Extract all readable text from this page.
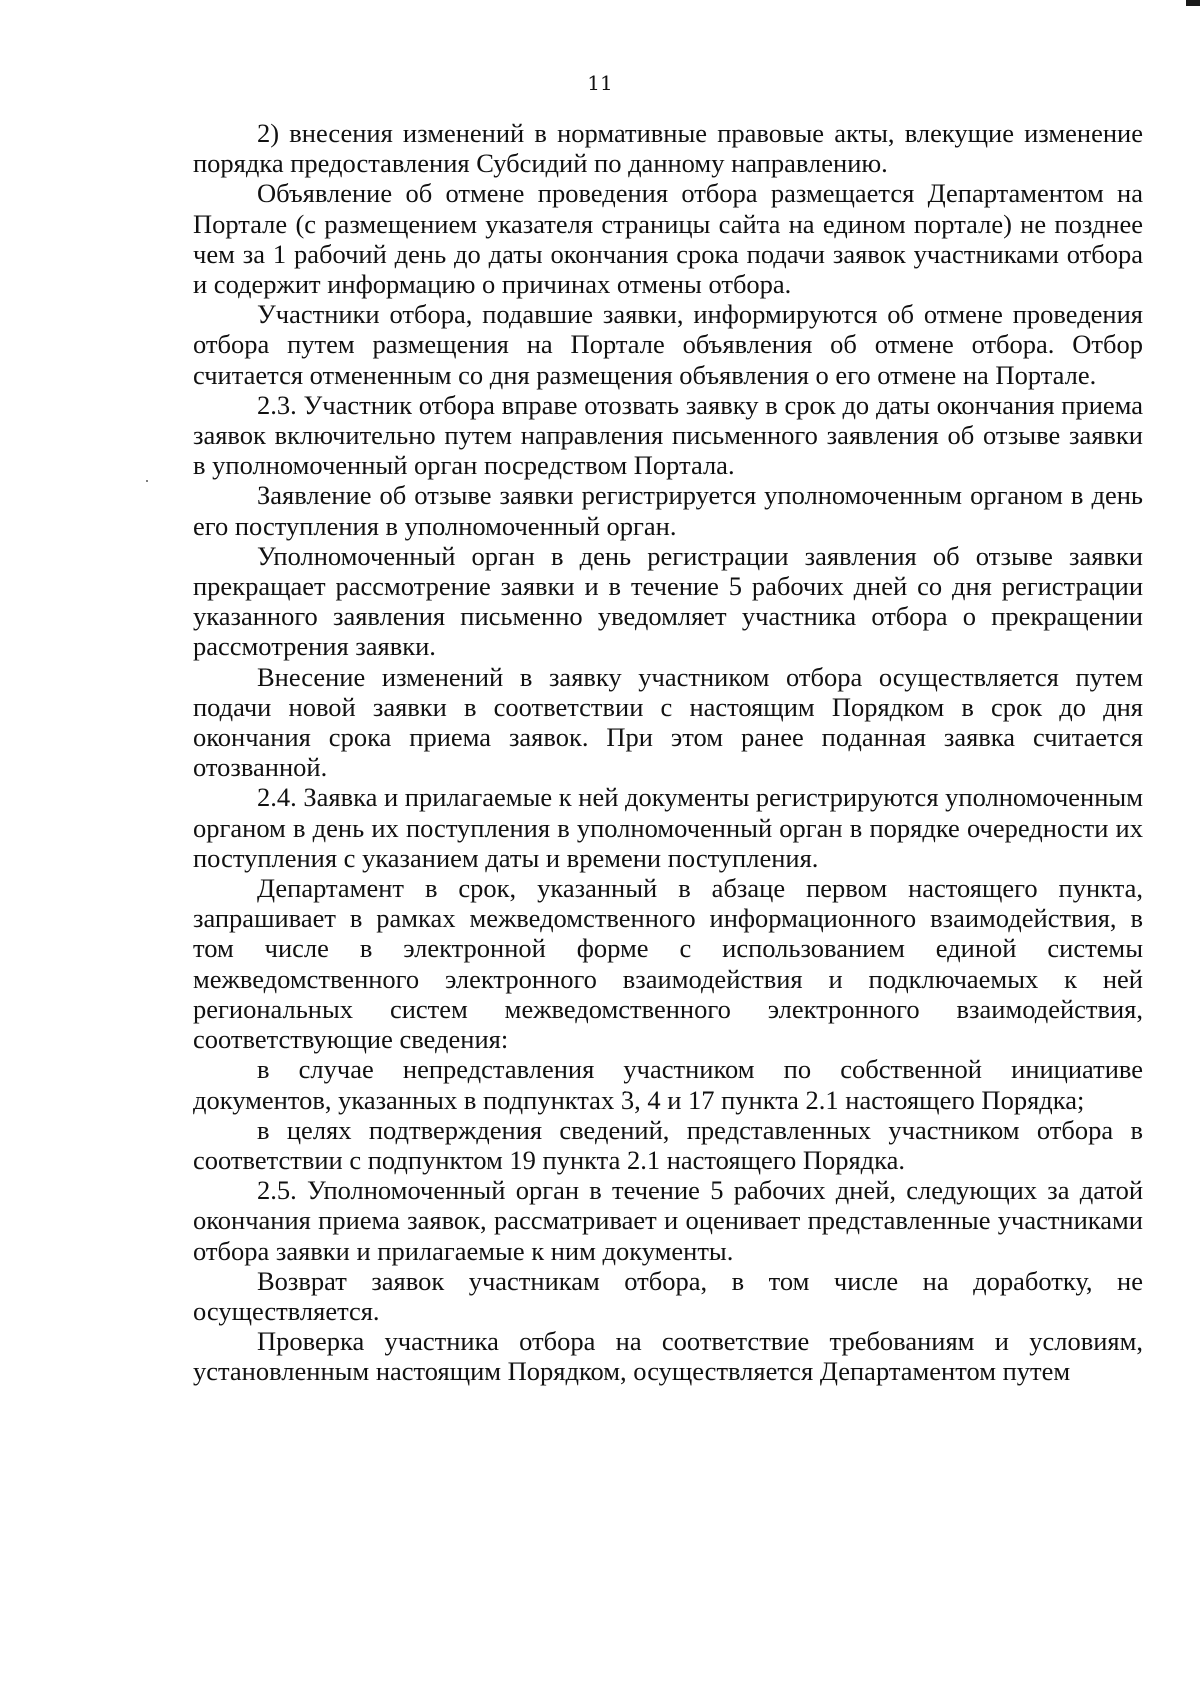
11

2) внесения изменений в нормативные правовые акты, влекущие изменение порядка предоставления Субсидий по данному направлению.

Объявление об отмене проведения отбора размещается Департаментом на Портале (с размещением указателя страницы сайта на едином портале) не позднее чем за 1 рабочий день до даты окончания срока подачи заявок участниками отбора и содержит информацию о причинах отмены отбора.

Участники отбора, подавшие заявки, информируются об отмене проведения отбора путем размещения на Портале объявления об отмене отбора. Отбор считается отмененным со дня размещения объявления о его отмене на Портале.

2.3. Участник отбора вправе отозвать заявку в срок до даты окончания приема заявок включительно путем направления письменного заявления об отзыве заявки в уполномоченный орган посредством Портала.

Заявление об отзыве заявки регистрируется уполномоченным органом в день его поступления в уполномоченный орган.

Уполномоченный орган в день регистрации заявления об отзыве заявки прекращает рассмотрение заявки и в течение 5 рабочих дней со дня регистрации указанного заявления письменно уведомляет участника отбора о прекращении рассмотрения заявки.

Внесение изменений в заявку участником отбора осуществляется путем подачи новой заявки в соответствии с настоящим Порядком в срок до дня окончания срока приема заявок. При этом ранее поданная заявка считается отозванной.

2.4. Заявка и прилагаемые к ней документы регистрируются уполномоченным органом в день их поступления в уполномоченный орган в порядке очередности их поступления с указанием даты и времени поступления.

Департамент в срок, указанный в абзаце первом настоящего пункта, запрашивает в рамках межведомственного информационного взаимодействия, в том числе в электронной форме с использованием единой системы межведомственного электронного взаимодействия и подключаемых к ней региональных систем межведомственного электронного взаимодействия, соответствующие сведения:

в случае непредставления участником по собственной инициативе документов, указанных в подпунктах 3, 4 и 17 пункта 2.1 настоящего Порядка;

в целях подтверждения сведений, представленных участником отбора в соответствии с подпунктом 19 пункта 2.1 настоящего Порядка.

2.5. Уполномоченный орган в течение 5 рабочих дней, следующих за датой окончания приема заявок, рассматривает и оценивает представленные участниками отбора заявки и прилагаемые к ним документы.

Возврат заявок участникам отбора, в том числе на доработку, не осуществляется.

Проверка участника отбора на соответствие требованиям и условиям, установленным настоящим Порядком, осуществляется Департаментом путем
